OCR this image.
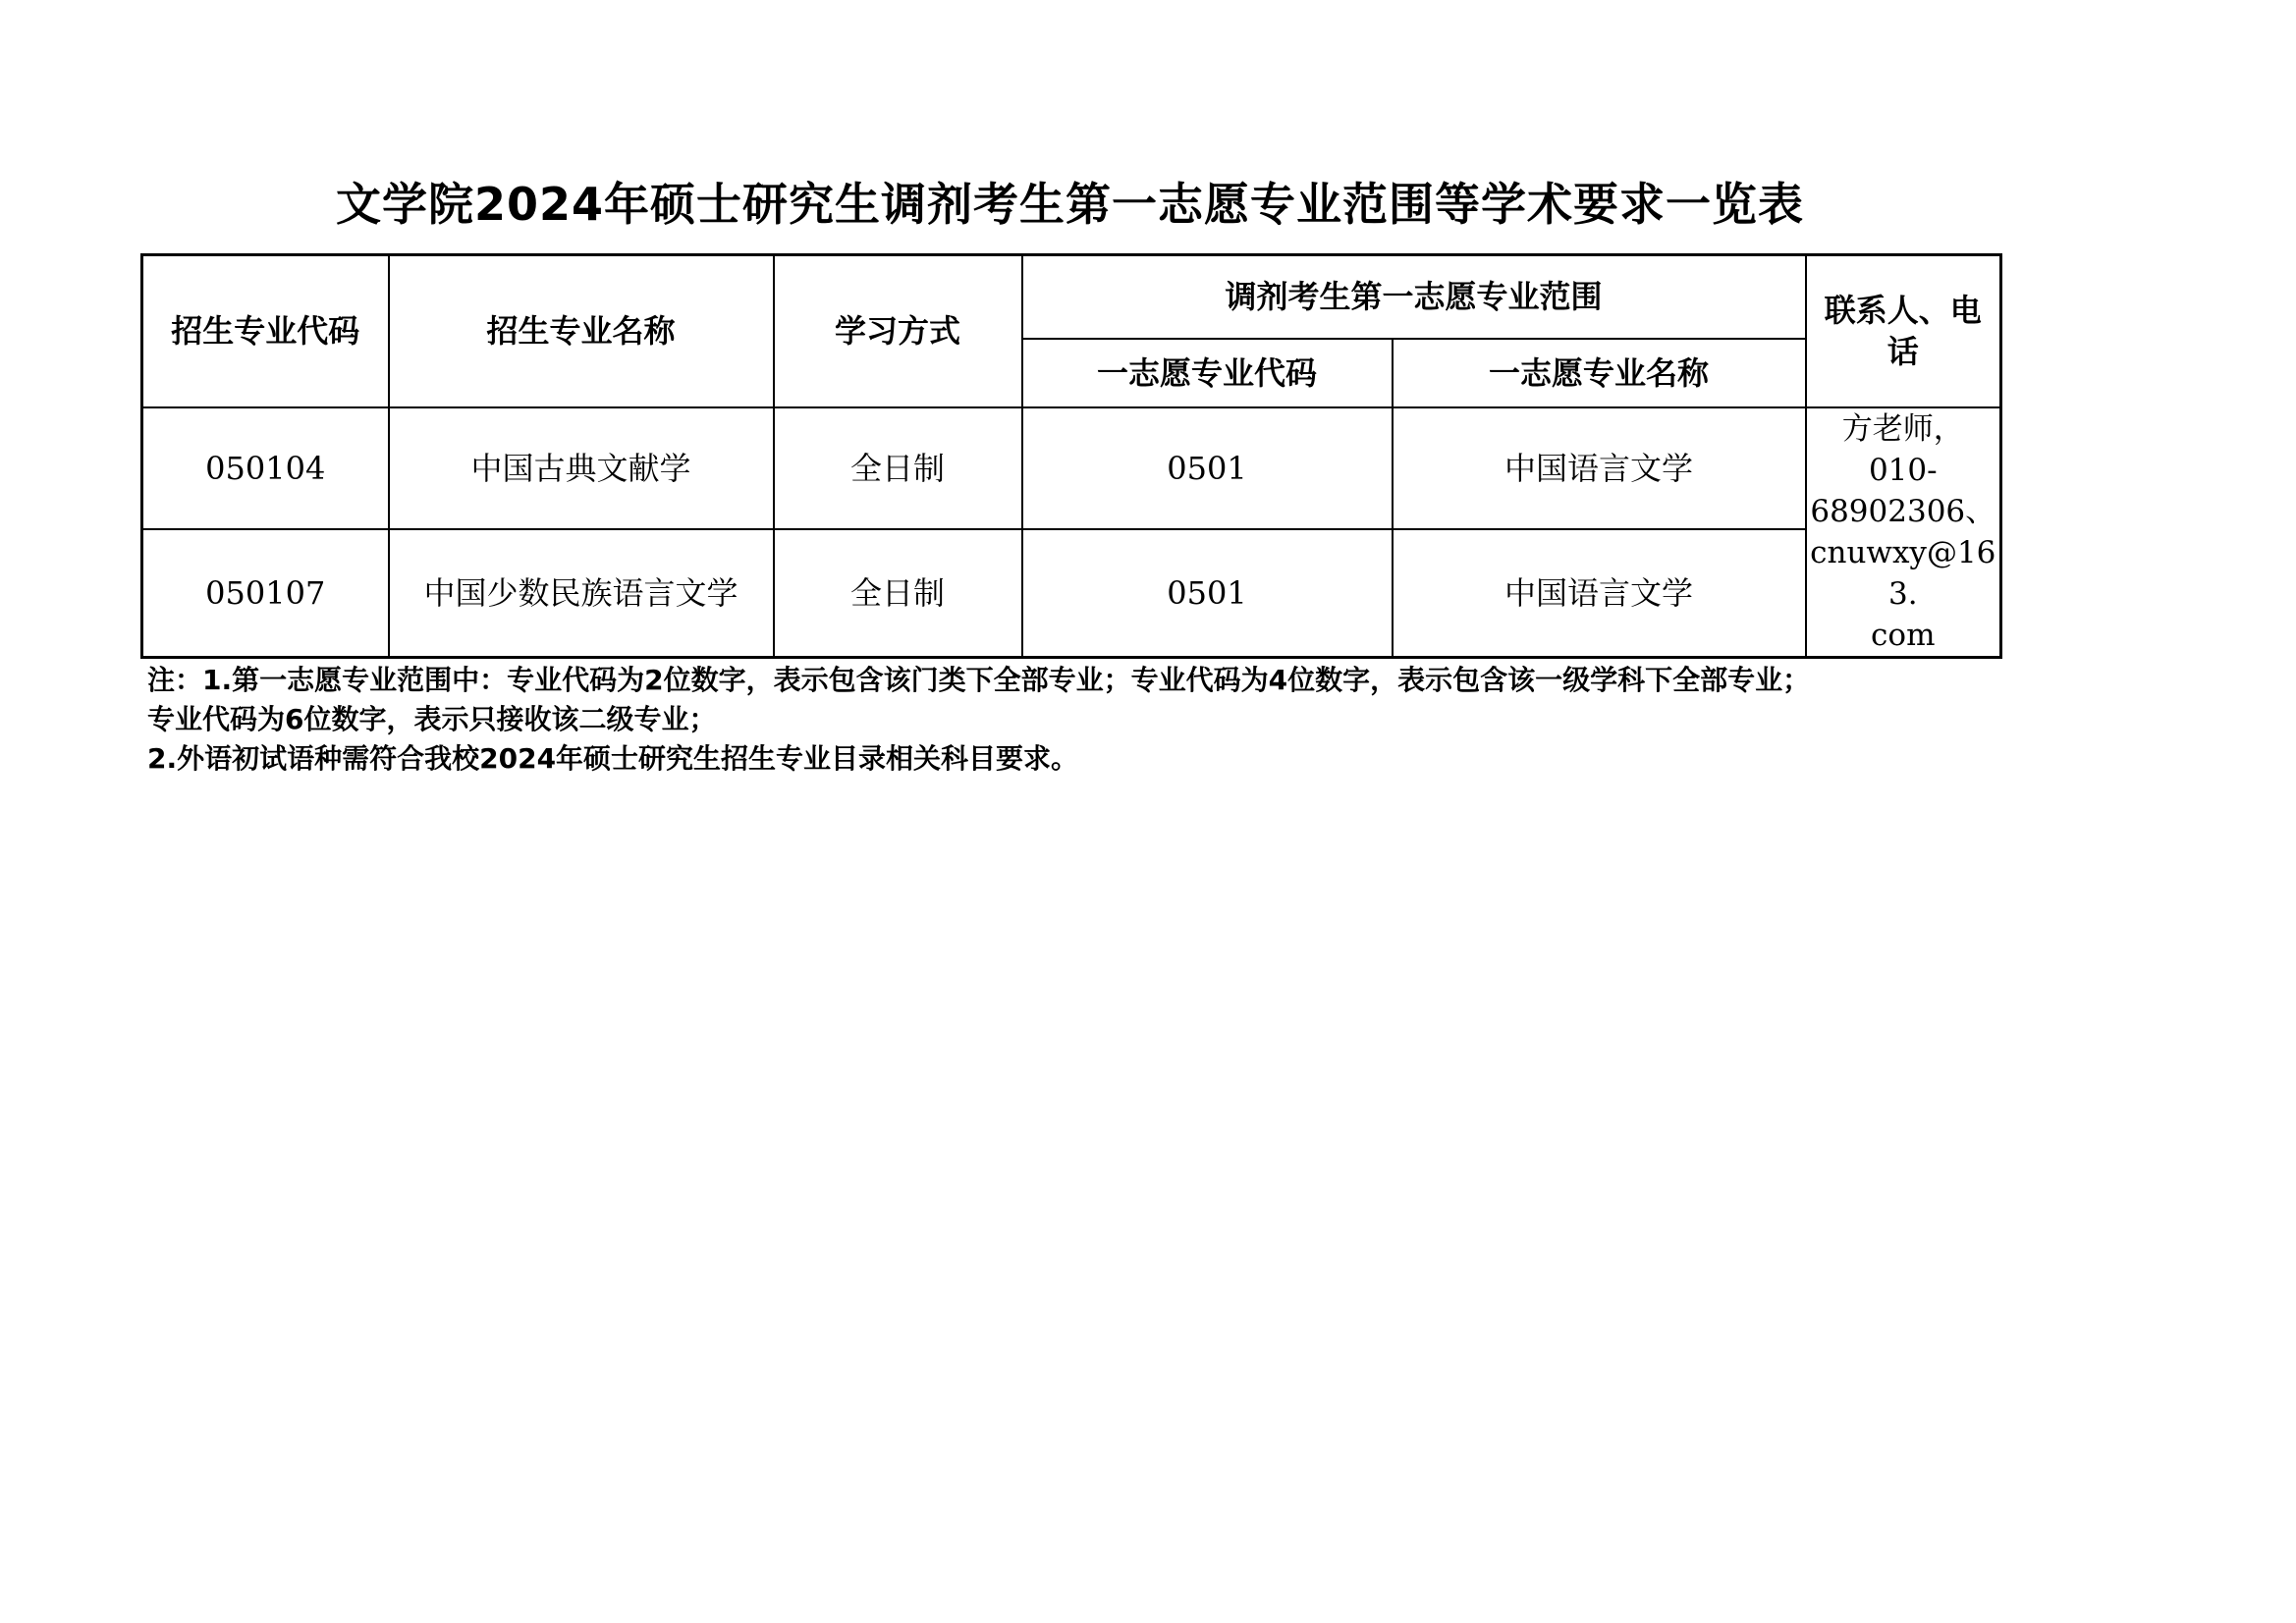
文学院2024年硕士研究生调剂考生第一志愿专业范围等学术要求一览表
招生专业代码	招生专业名称	学习方式	调剂考生第一志愿专业范围		联系人、电话
			一志愿专业代码	一志愿专业名称	
050104	中国古典文献学	全日制	0501	中国语言文学	方老师，
010-
68902306、
cnuwxy@163.
com

050107	中国少数民族语言文学	全日制	0501	中国语言文学	
注：1.第一志愿专业范围中：专业代码为2位数字，表示包含该门类下全部专业；专业代码为4位数字，表示包含该一级学科下全部专业；
专业代码为6位数字，表示只接收该二级专业；
2.外语初试语种需符合我校2024年硕士研究生招生专业目录相关科目要求。
